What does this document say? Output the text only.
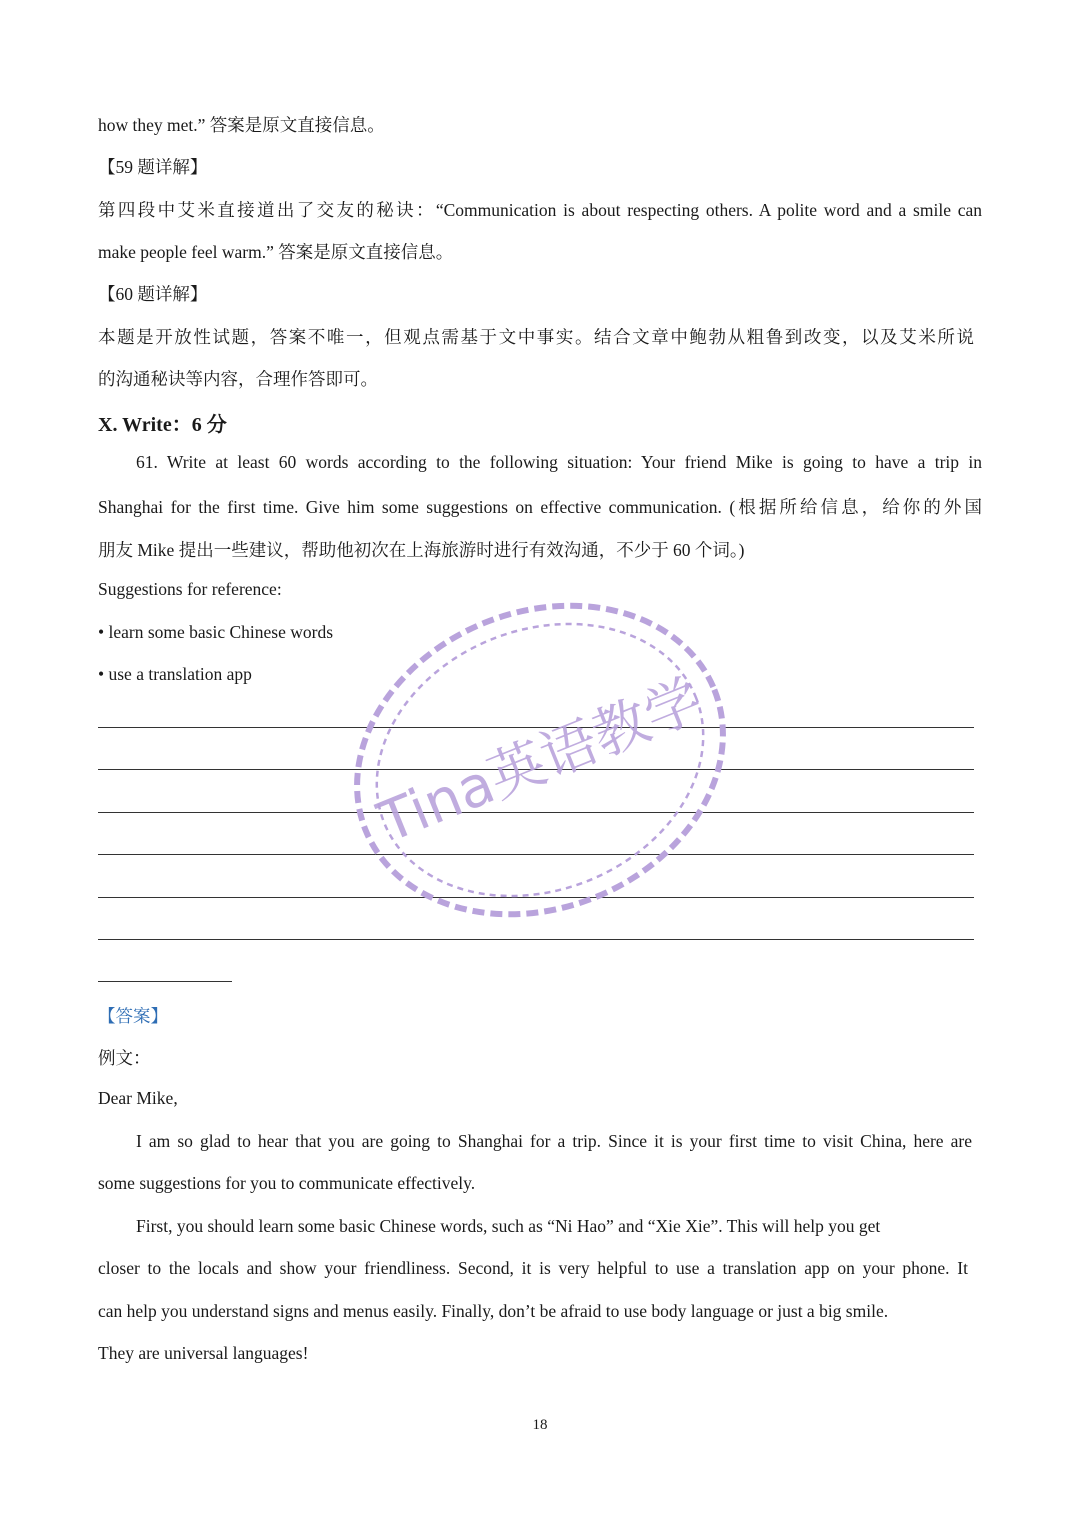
how they met.” 答案是原文直接信息。
【59 题详解】
第四段中艾米直接道出了交友的秘诀：“Communication is about respecting others. A polite word and a smile can
make people feel warm.” 答案是原文直接信息。
【60 题详解】
本题是开放性试题，答案不唯一，但观点需基于文中事实。结合文章中鲍勃从粗鲁到改变，以及艾米所说
的沟通秘诀等内容，合理作答即可。
X. Write：6 分
61. Write at least 60 words according to the following situation: Your friend Mike is going to have a trip in
Shanghai for the first time. Give him some suggestions on effective communication. (根据所给信息，给你的外国
朋友 Mike 提出一些建议，帮助他初次在上海旅游时进行有效沟通，不少于 60 个词。)
Suggestions for reference:
• learn some basic Chinese words
• use a translation app
【答案】
例文：
Dear Mike,
I am so glad to hear that you are going to Shanghai for a trip. Since it is your first time to visit China, here are
some suggestions for you to communicate effectively.
First, you should learn some basic Chinese words, such as “Ni Hao” and “Xie Xie”. This will help you get
closer to the locals and show your friendliness. Second, it is very helpful to use a translation app on your phone. It
can help you understand signs and menus easily. Finally, don’t be afraid to use body language or just a big smile.
They are universal languages!
18
Tina英语教学
